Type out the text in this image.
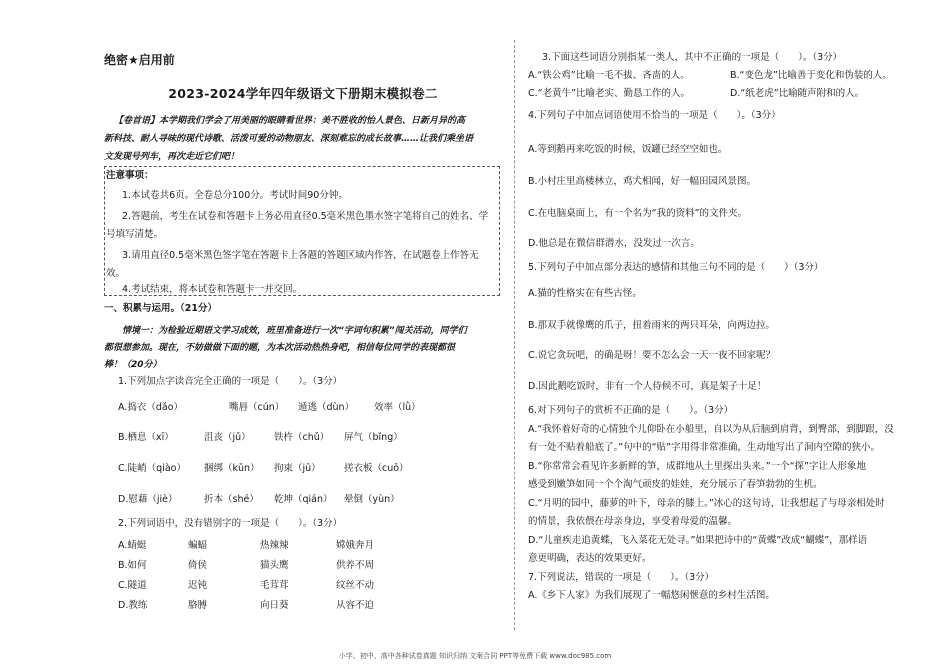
绝密★启用前
2023-2024学年四年级语文下册期末模拟卷二
【卷首语】本学期我们学会了用美丽的眼睛看世界：美不胜收的怡人景色、日新月异的高
新科技、耐人寻味的现代诗歌、活泼可爱的动物朋友、深刻难忘的成长故事……让我们乘坐语
文发现号列车，再次走近它们吧！
注意事项：
1.本试卷共6页。全卷总分100分。考试时间90分钟。
2.答题前，考生在试卷和答题卡上务必用直径0.5毫米黑色墨水签字笔将自己的姓名、学
号填写清楚。
3.请用直径0.5毫米黑色签字笔在答题卡上各题的答题区域内作答，在试题卷上作答无
效。
4.考试结束，将本试卷和答题卡一并交回。
一、积累与运用。（21分）
情境一：为检验近期语文学习成效，班里准备进行一次“字词句积累”闯关活动，同学们
都很想参加。现在，不妨做做下面的题，为本次活动热热身吧，相信每位同学的表现都很
棒！（20分）
1.下列加点字读音完全正确的一项是（　　）。（3分）
A.捣衣（dǎo）	嘴唇（cún） 遁逃（dùn） 效率（lǜ）
B.栖息（xī）	沮丧（jǔ） 铁杵（chǔ） 屏气（bǐng）
C.陡峭（qiào） 捆绑（kǔn） 拘束（jū） 搓衣板（cuō）
D.慰藉（jiè）	折本（shé） 乾坤（qián） 晕倒（yùn）
2.下列词语中，没有错别字的一项是（　　）。（3分）
A.蜻蜓	蝙蝠	热辣辣	嫦娥奔月
B.如何	倚侯	猫头鹰	供养不周
C.隧道	迟钝	毛茸茸	纹丝不动
D.教练	胳膊	向日葵	从容不迫
3.下面这些词语分别指某一类人，其中不正确的一项是（　　）。（3分）
A.“铁公鸡”比喻一毛不拔、吝啬的人。	B.“变色龙”比喻善于变化和伪装的人。
C.“老黄牛”比喻老实、勤恳工作的人。	D.“纸老虎”比喻随声附和的人。
4.下列句子中加点词语使用不恰当的一项是（　　）。（3分）
A.等到鹅再来吃饭的时候，饭罐已经空空如也。
B.小村庄里高楼林立，鸡犬相闻，好一幅田园风景图。
C.在电脑桌面上，有一个名为“我的资料”的文件夹。
D.他总是在微信群潜水，没发过一次言。
5.下列句子中加点部分表达的感情和其他三句不同的是（　　）（3分）
A.猫的性格实在有些古怪。
B.那双手就像鹰的爪子，扭着雨来的两只耳朵，向两边拉。
C.说它贪玩吧，的确是呀！要不怎么会一天一夜不回家呢？
D.因此鹅吃饭时，非有一个人侍候不可，真是架子十足！
6.对下列句子的赏析不正确的是（　　）。（3分）
A.“我怀着好奇的心情独个儿仰卧在小船里，自以为从后脑到肩背，到臀部，到脚跟，没
有一处不贴着船底了。”句中的“贴”字用得非常准确，生动地写出了洞内空隙的狭小。
B.“你常常会看见许多新鲜的笋，成群地从土里探出头来。”一个“探”字让人形象地
感受到嫩笋如同一个个淘气顽皮的娃娃，充分展示了春笋勃勃的生机。
C.“月明的园中，藤萝的叶下，母亲的膝上。”冰心的这句诗，让我想起了与母亲相处时
的情景，我依偎在母亲身边，享受着母爱的温馨。
D.“儿童疾走追黄蝶，飞入菜花无处寻。”如果把诗中的“黄蝶”改成“蝴蝶”，那样语
意更明确，表达的效果更好。
7.下列说法，错误的一项是（　　）。（3分）
A.《乡下人家》为我们展现了一幅悠闲惬意的乡村生活图。
小学、初中、高中各种试卷真题 知识归纳 文案合同 PPT等免费下载 www.doc985.com
